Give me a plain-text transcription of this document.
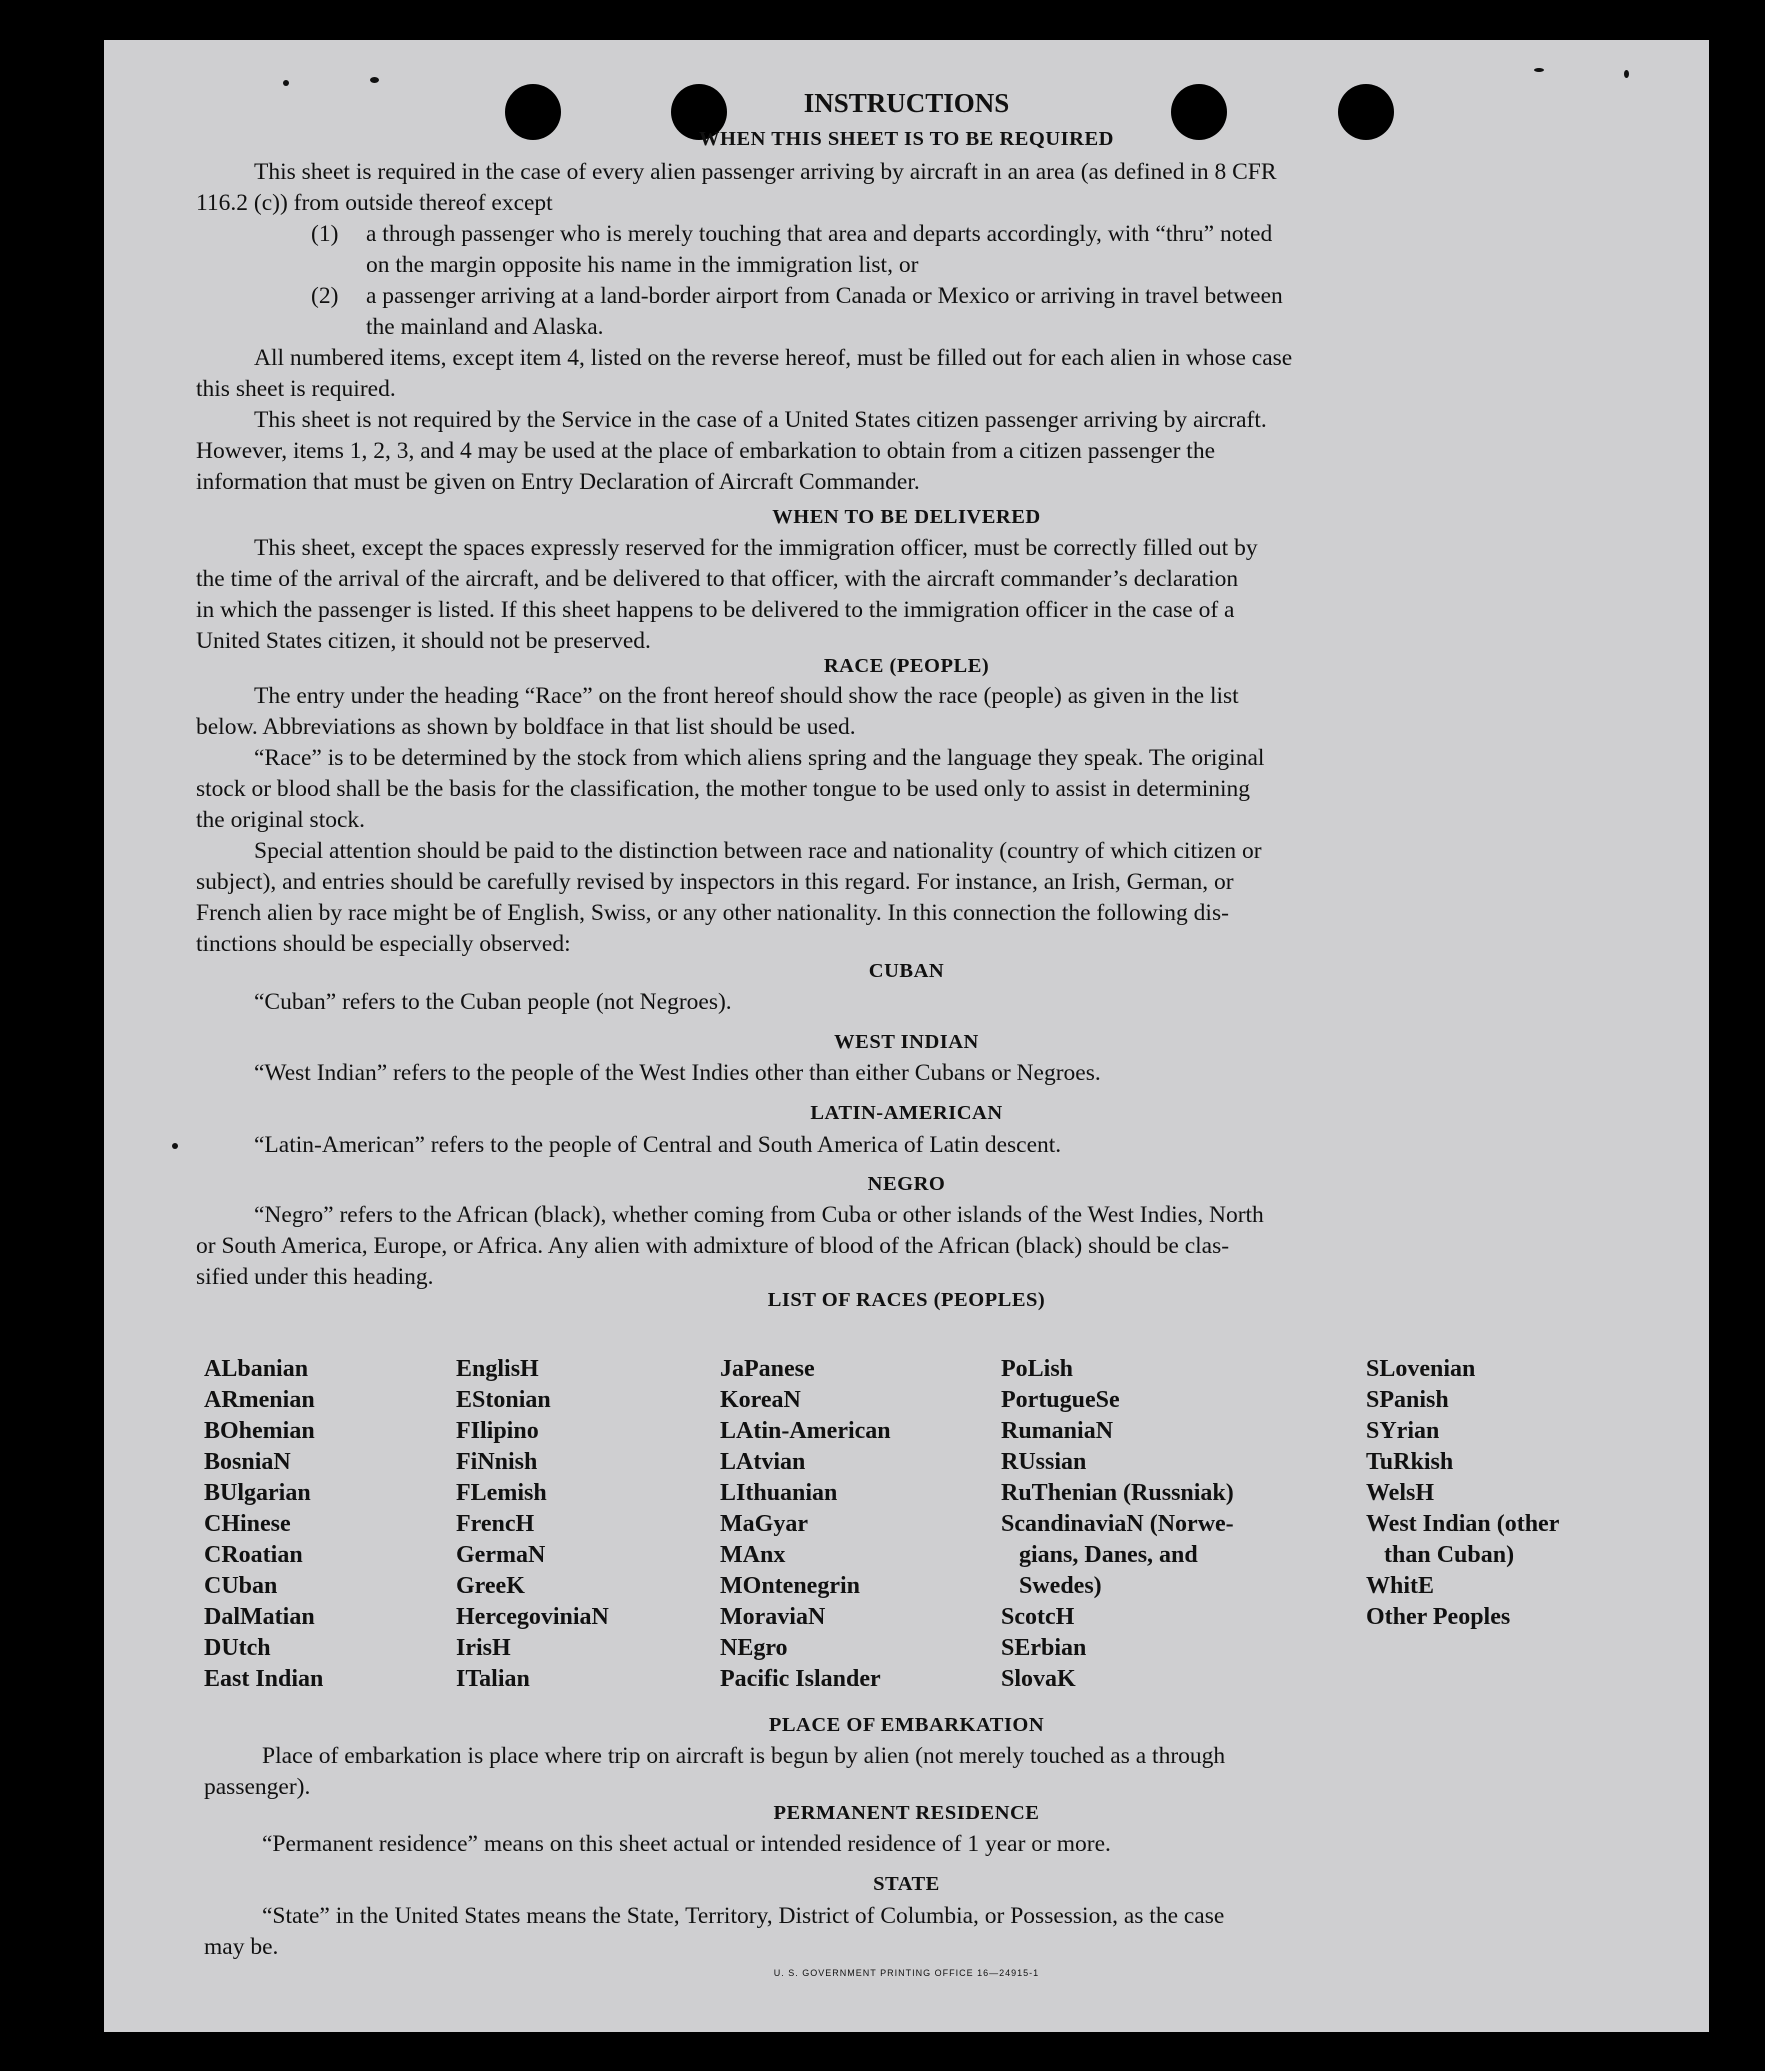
INSTRUCTIONS
WHEN THIS SHEET IS TO BE REQUIRED
This sheet is required in the case of every alien passenger arriving by aircraft in an area (as defined in 8 CFR
116.2 (c)) from outside thereof except
(1) a through passenger who is merely touching that area and departs accordingly, with “thru” noted
on the margin opposite his name in the immigration list, or
(2) a passenger arriving at a land-border airport from Canada or Mexico or arriving in travel between
the mainland and Alaska.
All numbered items, except item 4, listed on the reverse hereof, must be filled out for each alien in whose case
this sheet is required.
This sheet is not required by the Service in the case of a United States citizen passenger arriving by aircraft.
However, items 1, 2, 3, and 4 may be used at the place of embarkation to obtain from a citizen passenger the
information that must be given on Entry Declaration of Aircraft Commander.
WHEN TO BE DELIVERED
This sheet, except the spaces expressly reserved for the immigration officer, must be correctly filled out by
the time of the arrival of the aircraft, and be delivered to that officer, with the aircraft commander’s declaration
in which the passenger is listed. If this sheet happens to be delivered to the immigration officer in the case of a
United States citizen, it should not be preserved.
RACE (PEOPLE)
The entry under the heading “Race” on the front hereof should show the race (people) as given in the list
below. Abbreviations as shown by boldface in that list should be used.
“Race” is to be determined by the stock from which aliens spring and the language they speak. The original
stock or blood shall be the basis for the classification, the mother tongue to be used only to assist in determining
the original stock.
Special attention should be paid to the distinction between race and nationality (country of which citizen or
subject), and entries should be carefully revised by inspectors in this regard. For instance, an Irish, German, or
French alien by race might be of English, Swiss, or any other nationality. In this connection the following dis-
tinctions should be especially observed:
CUBAN
“Cuban” refers to the Cuban people (not Negroes).
WEST INDIAN
“West Indian” refers to the people of the West Indies other than either Cubans or Negroes.
LATIN-AMERICAN
“Latin-American” refers to the people of Central and South America of Latin descent.
NEGRO
“Negro” refers to the African (black), whether coming from Cuba or other islands of the West Indies, North
or South America, Europe, or Africa. Any alien with admixture of blood of the African (black) should be clas-
sified under this heading.
LIST OF RACES (PEOPLES)
ALbanian
ARmenian
BOhemian
BosniaN
BUlgarian
CHinese
CRoatian
CUban
DalMatian
DUtch
East Indian
EnglisH
EStonian
FIlipino
FiNnish
FLemish
FrencH
GermaN
GreeK
HercegoviniaN
IrisH
ITalian
JaPanese
KoreaN
LAtin-American
LAtvian
LIthuanian
MaGyar
MAnx
MOntenegrin
MoraviaN
NEgro
Pacific Islander
PoLish
PortugueSe
RumaniaN
RUssian
RuThenian (Russniak)
ScandinaviaN (Norwe-
gians, Danes, and
Swedes)
ScotcH
SErbian
SlovaK
SLovenian
SPanish
SYrian
TuRkish
WelsH
West Indian (other
than Cuban)
WhitE
Other Peoples
PLACE OF EMBARKATION
Place of embarkation is place where trip on aircraft is begun by alien (not merely touched as a through
passenger).
PERMANENT RESIDENCE
“Permanent residence” means on this sheet actual or intended residence of 1 year or more.
STATE
“State” in the United States means the State, Territory, District of Columbia, or Possession, as the case
may be.
U. S. GOVERNMENT PRINTING OFFICE 16—24915-1
